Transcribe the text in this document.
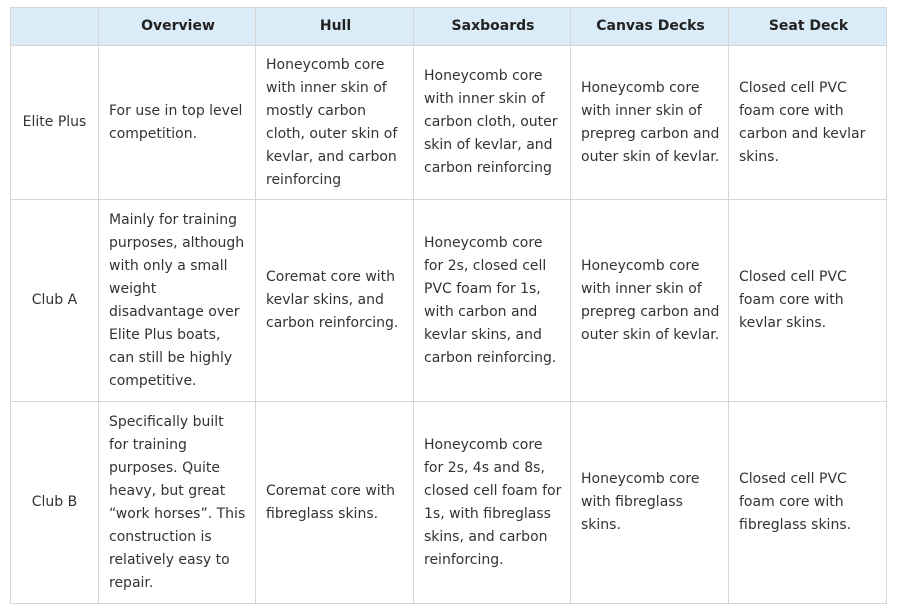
	Overview	Hull	Saxboards	Canvas Decks	Seat Deck
Elite Plus	For use in top level competition.	Honeycomb core with inner skin of mostly carbon cloth, outer skin of kevlar, and carbon reinforcing	Honeycomb core with inner skin of carbon cloth, outer skin of kevlar, and carbon reinforcing	Honeycomb core with inner skin of prepreg carbon and outer skin of kevlar.	Closed cell PVC foam core with carbon and kevlar skins.
Club A	Mainly for training purposes, although with only a small weight disadvantage over Elite Plus boats, can still be highly competitive.	Coremat core with kevlar skins, and carbon reinforcing.	Honeycomb core for 2s, closed cell PVC foam for 1s, with carbon and kevlar skins, and carbon reinforcing.	Honeycomb core with inner skin of prepreg carbon and outer skin of kevlar.	Closed cell PVC foam core with kevlar skins.
Club B	Specifically built for training purposes. Quite heavy, but great “work horses”. This construction is relatively easy to repair.	Coremat core with fibreglass skins.	Honeycomb core for 2s, 4s and 8s, closed cell foam for 1s, with fibreglass skins, and carbon reinforcing.	Honeycomb core with fibreglass skins.	Closed cell PVC foam core with fibreglass skins.
